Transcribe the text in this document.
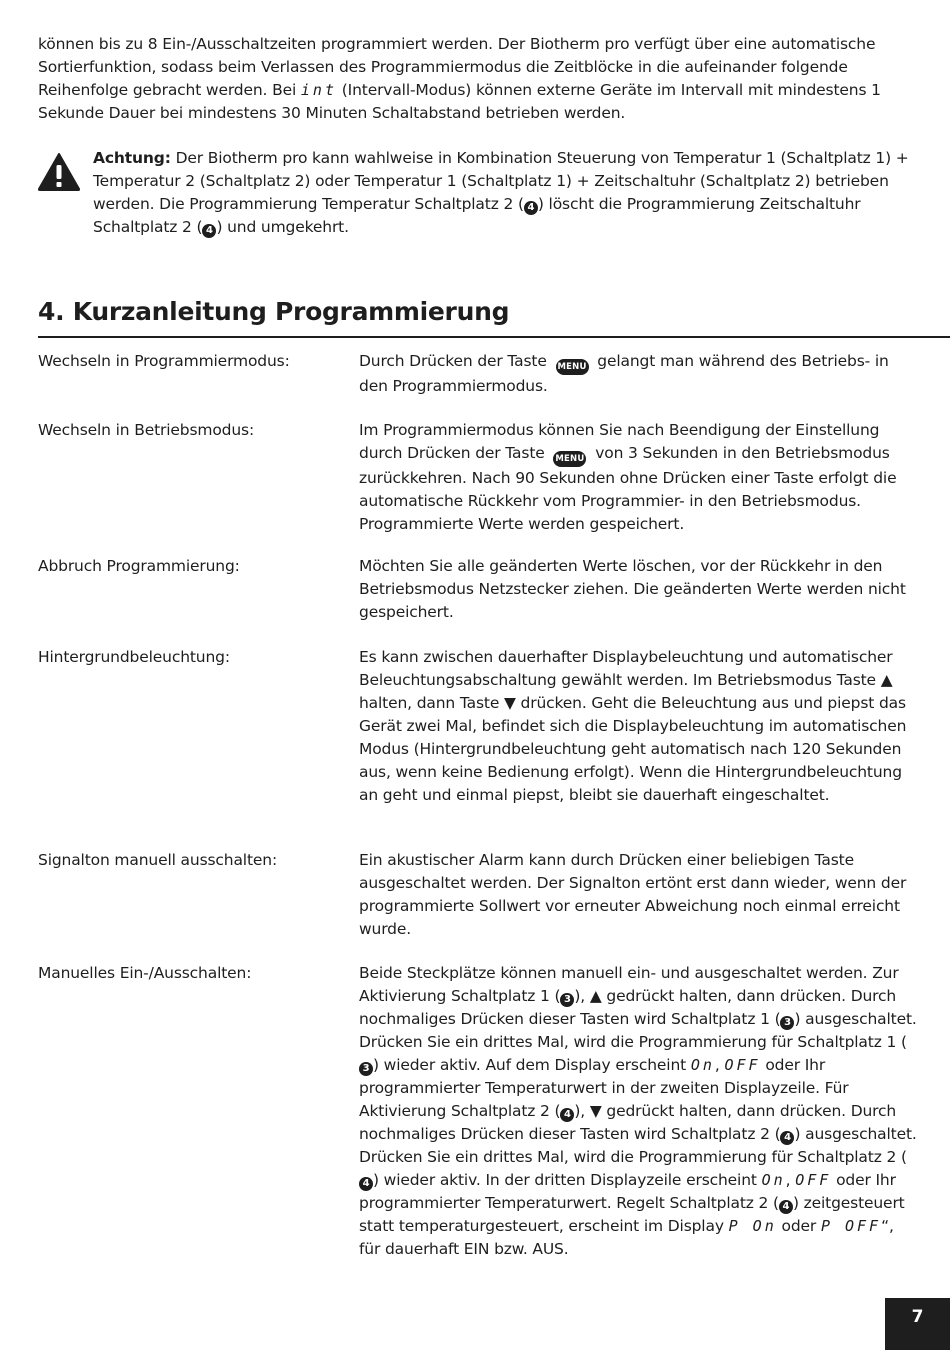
können bis zu 8 Ein-/Ausschaltzeiten programmiert werden. Der Biotherm pro verfügt über eine automatische Sortierfunktion, sodass beim Verlassen des Programmiermodus die Zeitblöcke in die aufeinander folgende Reihenfolge gebracht werden. Bei int (Intervall-Modus) können externe Geräte im Intervall mit mindestens 1 Sekunde Dauer bei mindestens 30 Minuten Schaltabstand betrieben werden.

Achtung: Der Biotherm pro kann wahlweise in Kombination Steuerung von Temperatur 1 (Schaltplatz 1) + Temperatur 2 (Schaltplatz 2) oder Temperatur 1 (Schaltplatz 1) + Zeitschaltuhr (Schaltplatz 2) betrieben werden. Die Programmierung Temperatur Schaltplatz 2 ( 4 ) löscht die Programmierung Zeitschaltuhr Schaltplatz 2 ( 4 ) und umgekehrt.

4. Kurzanleitung Programmierung
Wechseln in Programmiermodus:	Durch Drücken der Taste MENU gelangt man während des Betriebs- in den Programmiermodus.

Wechseln in Betriebsmodus:	Im Programmiermodus können Sie nach Beendigung der Einstellung durch Drücken der Taste MENU von 3 Sekunden in den Betriebsmodus zurückkehren. Nach 90 Sekunden ohne Drücken einer Taste erfolgt die automatische Rückkehr vom Programmier- in den Betriebsmodus. Programmierte Werte werden gespeichert.

Abbruch Programmierung:	Möchten Sie alle geänderten Werte löschen, vor der Rückkehr in den Betriebsmodus Netzstecker ziehen. Die geänderten Werte werden nicht gespeichert.

Hintergrundbeleuchtung:	Es kann zwischen dauerhafter Displaybeleuchtung und automatischer Beleuchtungsabschaltung gewählt werden. Im Betriebsmodus Taste ▲ halten, dann Taste ▼ drücken. Geht die Beleuchtung aus und piepst das Gerät zwei Mal, befindet sich die Displaybeleuchtung im automatischen Modus (Hintergrundbeleuchtung geht automatisch nach 120 Sekunden aus, wenn keine Bedienung erfolgt). Wenn die Hintergrundbeleuchtung an geht und einmal piepst, bleibt sie dauerhaft eingeschaltet.

Signalton manuell ausschalten:	Ein akustischer Alarm kann durch Drücken einer beliebigen Taste ausgeschaltet werden. Der Signalton ertönt erst dann wieder, wenn der programmierte Sollwert vor erneuter Abweichung noch einmal erreicht wurde.

Manuelles Ein-/Ausschalten:	Beide Steckplätze können manuell ein- und ausgeschaltet werden. Zur Aktivierung Schaltplatz 1 ( 3 ), ▲ gedrückt halten, dann drücken. Durch nochmaliges Drücken dieser Tasten wird Schaltplatz 1 ( 3 ) ausgeschaltet. Drücken Sie ein drittes Mal, wird die Programmierung für Schaltplatz 1 (3 ) wieder aktiv. Auf dem Display erscheint On, OFF oder Ihr programmierter Temperaturwert in der zweiten Displayzeile. Für Aktivierung Schaltplatz 2 ( 4 ), ▼ gedrückt halten, dann drücken. Durch nochmaliges Drücken dieser Tasten wird Schaltplatz 2 ( 4 ) ausgeschaltet. Drücken Sie ein drittes Mal, wird die Programmierung für Schaltplatz 2 (4 ) wieder aktiv. In der dritten Displayzeile erscheint On, OFF oder Ihr programmierter Temperaturwert. Regelt Schaltplatz 2 ( 4 ) zeitgesteuert statt temperaturgesteuert, erscheint im Display P On oder P OFF“, für dauerhaft EIN bzw. AUS.

7
